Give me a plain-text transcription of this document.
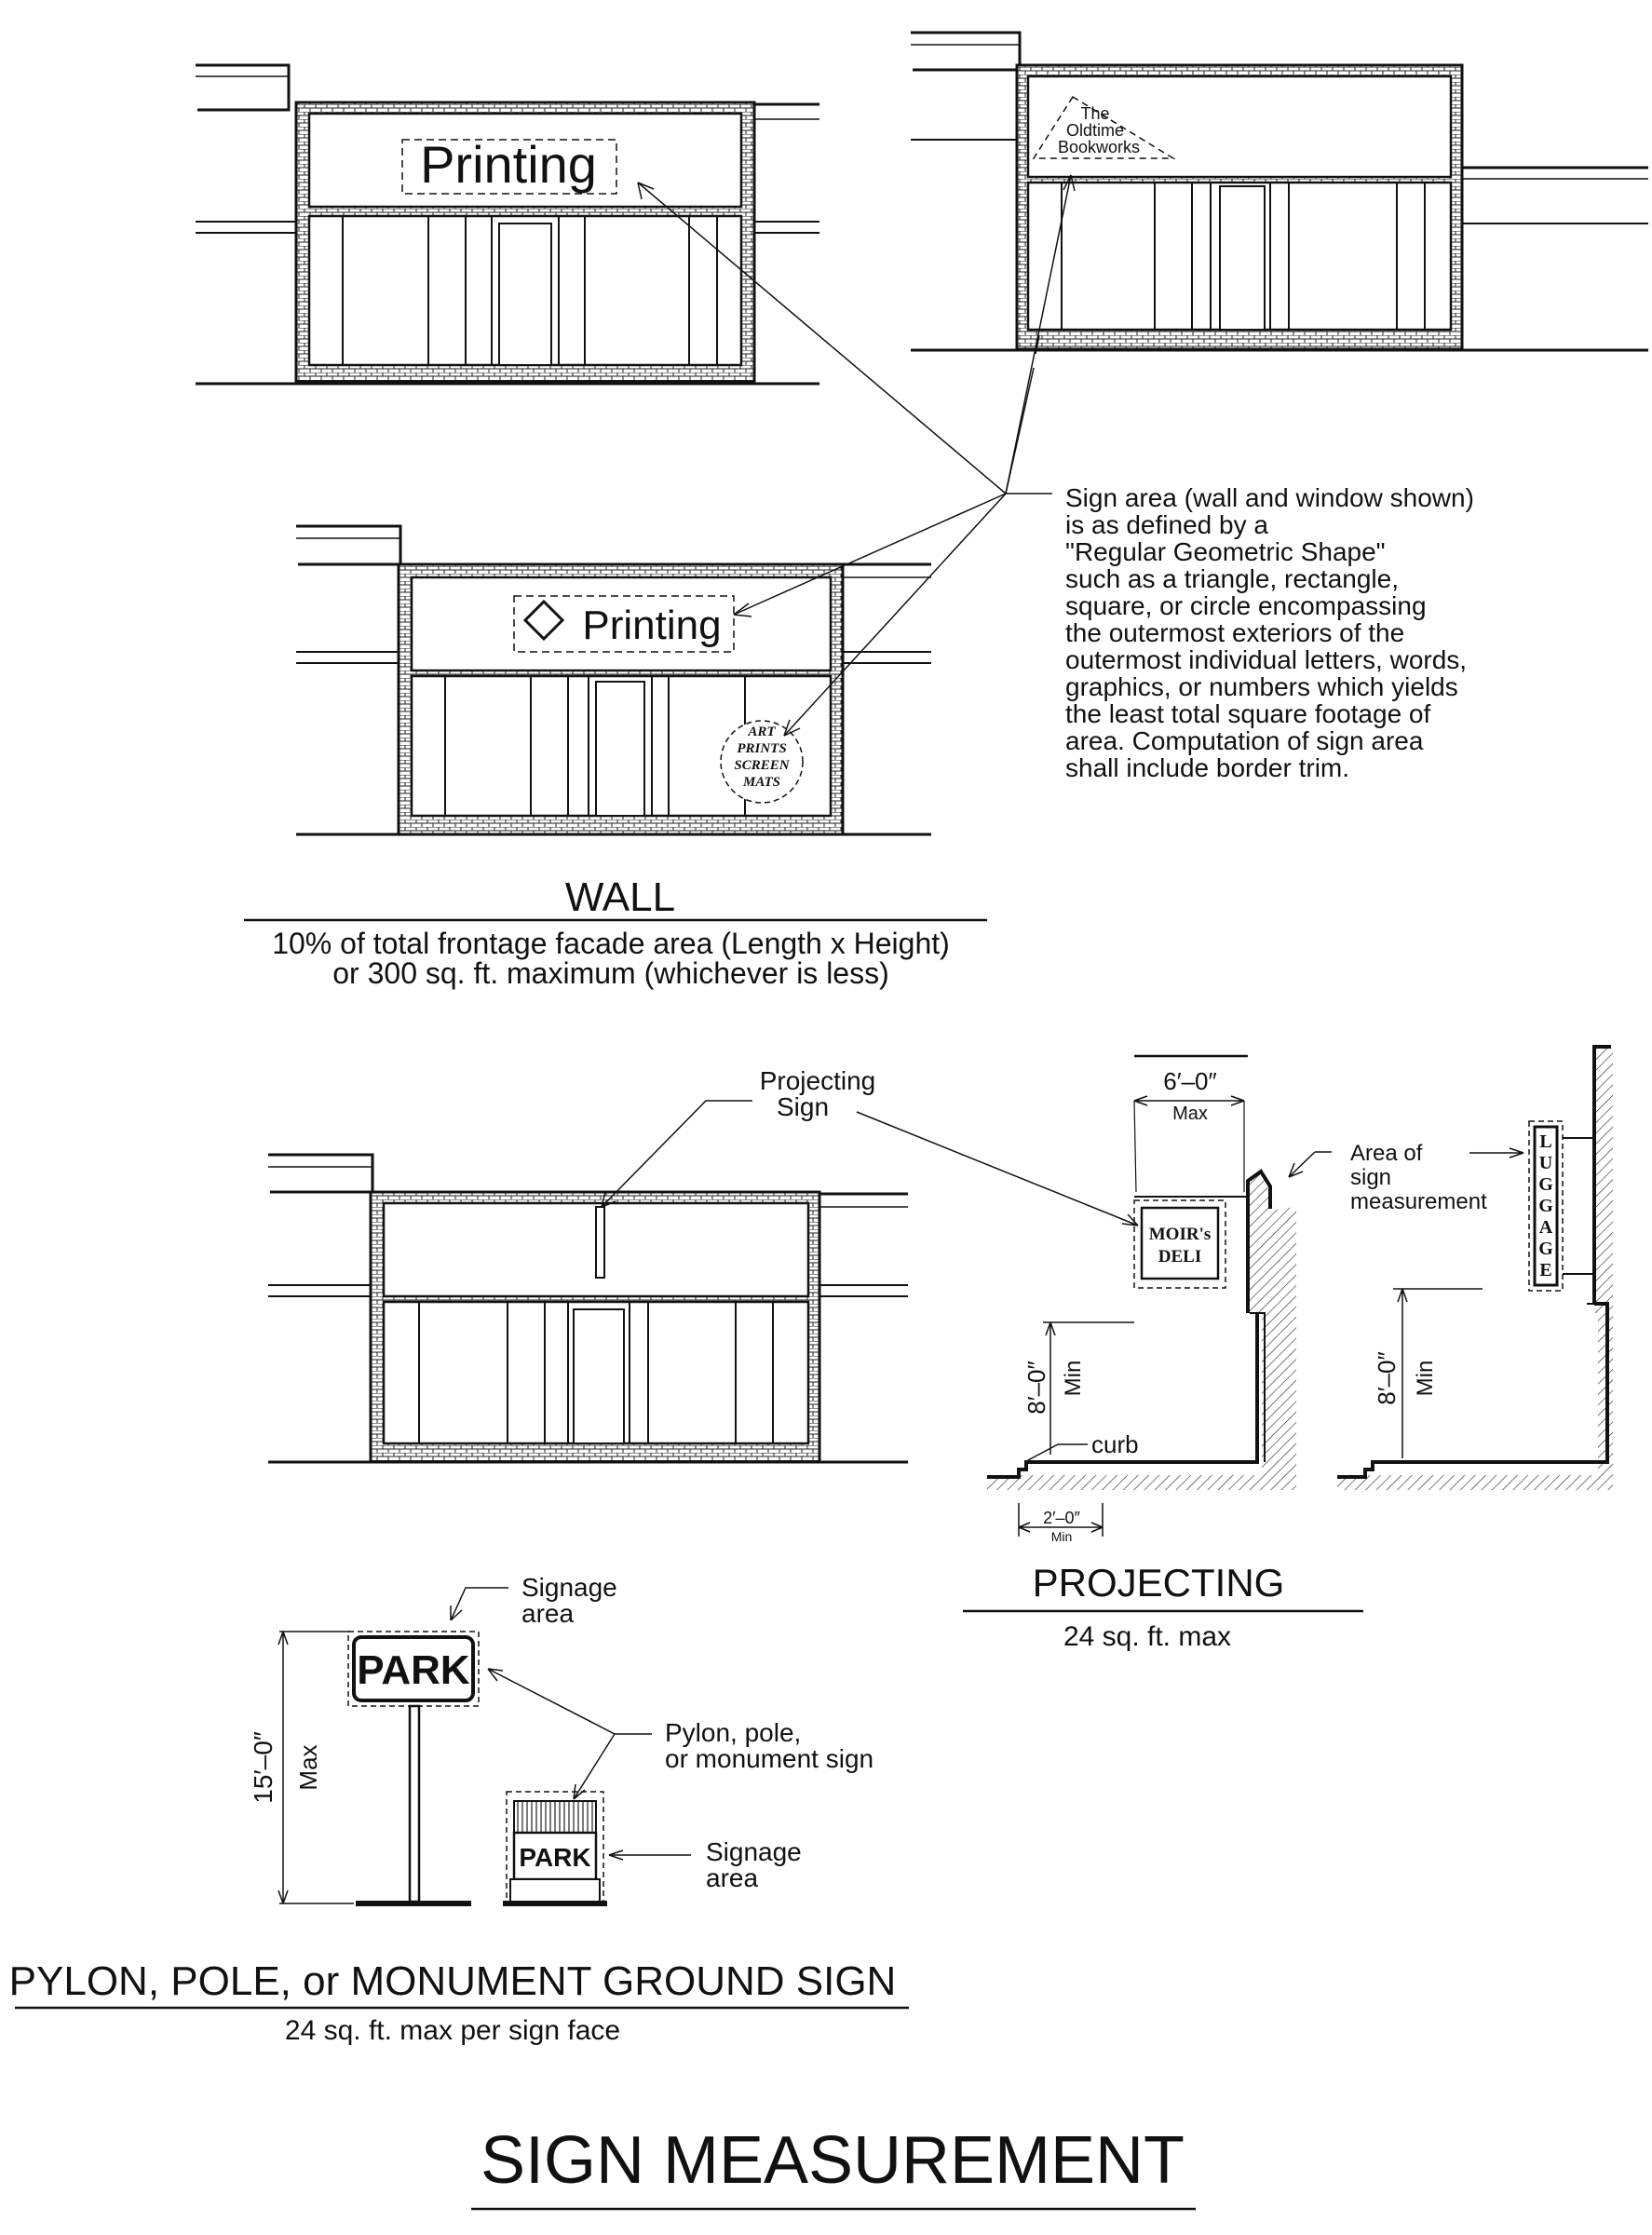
Printing
The
Oldtime
Bookworks
Printing
ART
PRINTS
SCREEN
MATS
Sign area (wall and window shown)
is as defined by a
"Regular Geometric Shape"
such as a triangle, rectangle,
square, or circle encompassing
the outermost exteriors of the
outermost individual letters, words,
graphics, or numbers which yields
the least total square footage of
area. Computation of sign area
shall include border trim.
WALL
10% of total frontage facade area (Length x Height)
or 300 sq. ft. maximum (whichever is less)
Projecting
Sign
6′–0″
Max
MOIR's
DELI
Area of
sign
measurement
8′–0″ Min
curb
2′–0″
Min
L
U
G
G
A
G
E
8′–0″ Min
PROJECTING
24 sq. ft. max
Signage
area
PARK
15′–0″ Max
Pylon, pole,
or monument sign
PARK	Signage
area
PYLON, POLE, or MONUMENT GROUND SIGN
24 sq. ft. max per sign face
SIGN MEASUREMENT
